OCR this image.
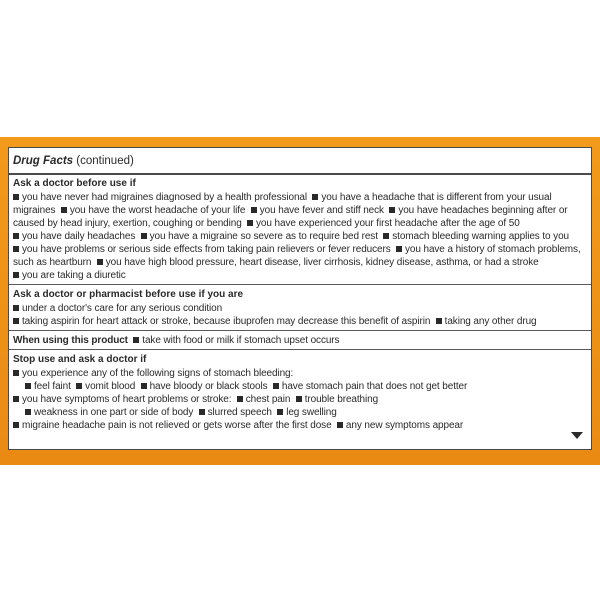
Drug Facts (continued)
Ask a doctor before use if
you have never had migraines diagnosed by a health professional you have a headache that is different from your usual
migraines you have the worst headache of your life you have fever and stiff neck you have headaches beginning after or
caused by head injury, exertion, coughing or bending you have experienced your first headache after the age of 50
you have daily headaches you have a migraine so severe as to require bed rest stomach bleeding warning applies to you
you have problems or serious side effects from taking pain relievers or fever reducers you have a history of stomach problems,
such as heartburn you have high blood pressure, heart disease, liver cirrhosis, kidney disease, asthma, or had a stroke
you are taking a diuretic
Ask a doctor or pharmacist before use if you are
under a doctor's care for any serious condition
taking aspirin for heart attack or stroke, because ibuprofen may decrease this benefit of aspirin taking any other drug
When using this product take with food or milk if stomach upset occurs
Stop use and ask a doctor if
you experience any of the following signs of stomach bleeding:
feel faint vomit blood have bloody or black stools have stomach pain that does not get better
you have symptoms of heart problems or stroke: chest pain trouble breathing
weakness in one part or side of body slurred speech leg swelling
migraine headache pain is not relieved or gets worse after the first dose any new symptoms appear
